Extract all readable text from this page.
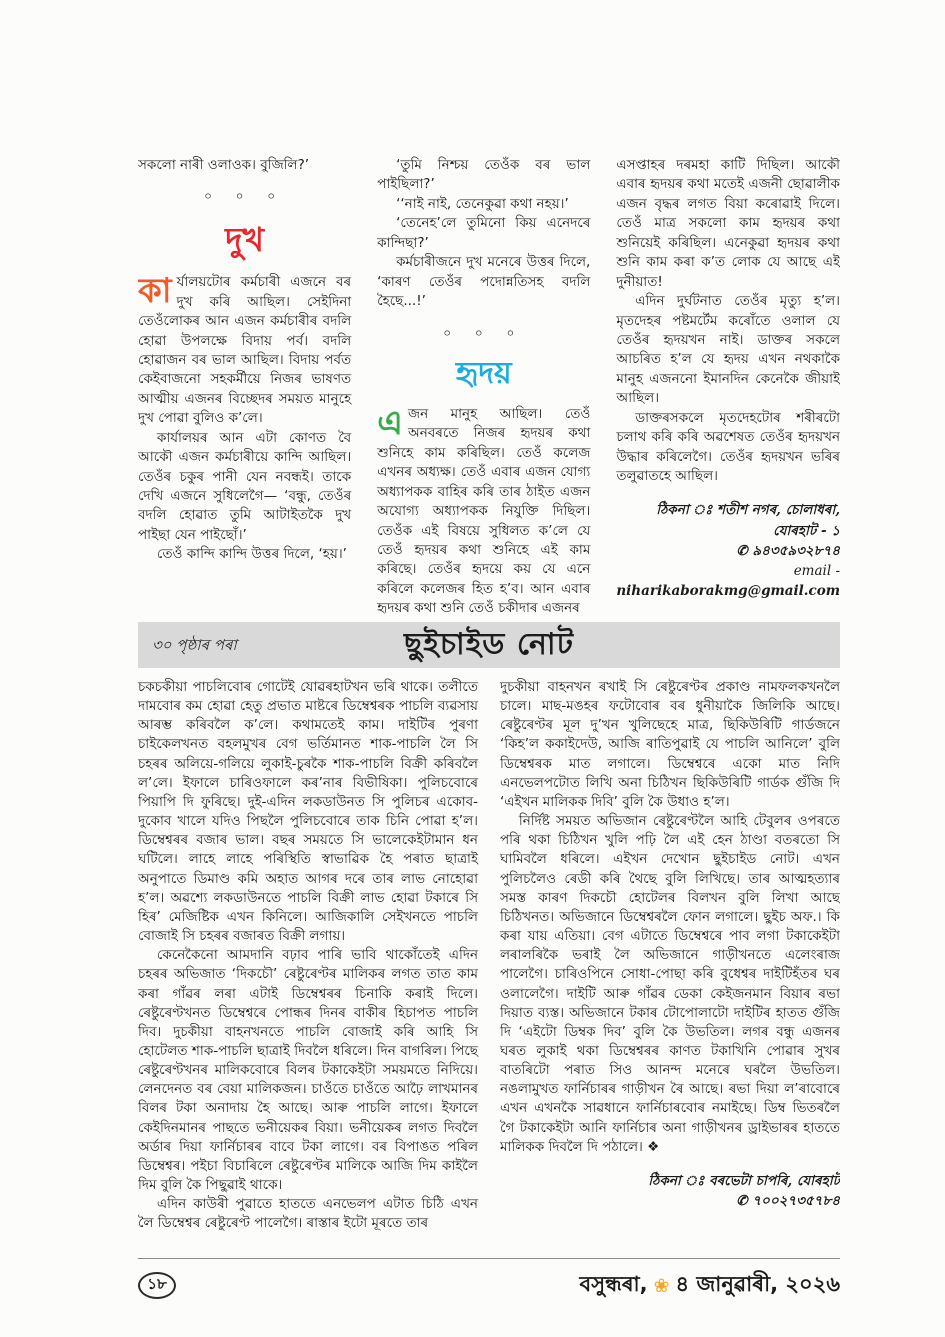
সকলো নাৰী ওলাওক। বুজিলি?’

০ ০ ০
দুখ

কাৰ্যালয়টোৰ কৰ্মচাৰী এজনে বৰ দুখ কৰি আছিল। সেইদিনা তেওঁলোকৰ আন এজন কৰ্মচাৰীৰ বদলি হোৱা উপলক্ষে বিদায় পৰ্ব। বদলি হোৱাজন বৰ ভাল আছিল। বিদায় পৰ্বত কেইবাজনো সহকৰ্মীয়ে নিজৰ ভাষণত আত্মীয় এজনৰ বিচ্ছেদৰ সময়ত মানুহে দুখ পোৱা বুলিও ক’লে।

কাৰ্যালয়ৰ আন এটা কোণত বৈ আকৌ এজন কৰ্মচাৰীয়ে কান্দি আছিল। তেওঁৰ চকুৰ পানী যেন নবন্ধই। তাকে দেখি এজনে সুধিলেগৈ— ‘বন্ধু, তেওঁৰ বদলি হোৱাত তুমি আটাইতকৈ দুখ পাইছা যেন পাইছোঁ।’

তেওঁ কান্দি কান্দি উত্তৰ দিলে, ‘হয়।’

‘তুমি নিশ্চয় তেওঁক বৰ ভাল পাইছিলা?’

‘‘নাই নাই, তেনেকুৱা কথা নহয়।’

‘তেনেহ’লে তুমিনো কিয় এনেদৰে কান্দিছা?’

কৰ্মচাৰীজনে দুখ মনেৰে উত্তৰ দিলে, ‘কাৰণ তেওঁৰ পদোন্নতিসহ বদলি হৈছে...!’

০ ০ ০
হৃদয়

এজন মানুহ আছিল। তেওঁ অনবৰতে নিজৰ হৃদয়ৰ কথা শুনিহে কাম কৰিছিল। তেওঁ কলেজ এখনৰ অধ্যক্ষ। তেওঁ এবাৰ এজন যোগ্য অধ্যাপকক বাহিৰ কৰি তাৰ ঠাইত এজন অযোগ্য অধ্যাপকক নিযুক্তি দিছিল। তেওঁক এই বিষয়ে সুধিলত ক’লে যে তেওঁ হৃদয়ৰ কথা শুনিহে এই কাম কৰিছে। তেওঁৰ হৃদয়ে কয় যে এনে কৰিলে কলেজৰ হিত হ’ব। আন এবাৰ হৃদয়ৰ কথা শুনি তেওঁ চকীদাৰ এজনৰ

এসপ্তাহৰ দৰমহা কাটি দিছিল। আকৌ এবাৰ হৃদয়ৰ কথা মতেই এজনী ছোৱালীক এজন বৃদ্ধৰ লগত বিয়া কৰোৱাই দিলে। তেওঁ মাত্ৰ সকলো কাম হৃদয়ৰ কথা শুনিয়েই কৰিছিল। এনেকুৱা হৃদয়ৰ কথা শুনি কাম কৰা ক’ত লোক যে আছে এই দুনীয়াত!

এদিন দুৰ্ঘটনাত তেওঁৰ মৃত্যু হ’ল। মৃতদেহৰ পষ্টমৰ্টেম কৰোঁতে ওলাল যে তেওঁৰ হৃদয়খন নাই। ডাক্তৰ সকলে আচৰিত হ’ল যে হৃদয় এখন নথকাকৈ মানুহ এজননো ইমানদিন কেনেকৈ জীয়াই আছিল।

ডাক্তৰসকলে মৃতদেহটোৰ শৰীৰটো চলাথ কৰি কৰি অৱশেষত তেওঁৰ হৃদয়খন উদ্ধাৰ কৰিলেগৈ। তেওঁৰ হৃদয়খন ভৰিৰ তলুৱাতহে আছিল।

ঠিকনা ঃ শতীশ নগৰ, চোলাধৰা, যোৰহাট - ১
✆ ৯৪৩৫৯৩২৮৭৪
email -
niharikaborakmg@gmail.com
৩০ পৃষ্ঠাৰ পৰা	ছুইচাইড নোট

চকচকীয়া পাচলিবোৰ গোটেই যোৱৰহাটখন ভৰি থাকে। তলীতে দামবোৰ কম হোৱা হেতু প্ৰভাত মাষ্টৰে ডিম্বেশ্বৰক পাচলি ব্যৱসায় আৰম্ভ কৰিবলৈ ক’লে। কথামতেই কাম। দাইটিৰ পুৰণা চাইকেলখনত বহলমুখৰ বেগ ভৰ্তিমানত শাক-পাচলি লৈ সি চহৰৰ অলিয়ে-গলিয়ে লুকাই-চুৰকৈ শাক-পাচলি বিক্ৰী কৰিবলৈ ল’লে। ইফালে চাৰিওফালে কৰ’নাৰ বিভীষিকা। পুলিচবোৰে পিয়াপি দি ফুৰিছে। দুই-এদিন লকডাউনত সি পুলিচৰ একোব-দুকোব খালে যদিও পিছলৈ পুলিচবোৰে তাক চিনি পোৱা হ’ল। ডিম্বেশ্বৰৰ বজাৰ ভাল। বছৰ সময়তে সি ভালেকেইটামান ধন ঘটিলে। লাহে লাহে পৰিস্থিতি স্বাভাৱিক হৈ পৰাত ছাত্ৰাই অনুপাতে ডিমাণ্ড কমি অহাত আগৰ দৰে তাৰ লাভ নোহোৱা হ’ল। অৱশ্যে লকডাউনতে পাচলি বিক্ৰী লাভ হোৱা টকাৰে সি হিৰ’ মেজিষ্টিক এখন কিনিলে। আজিকালি সেইখনতে পাচলি বোজাই সি চহৰৰ বজাৰত বিক্ৰী লগায়।

কেনেকৈনো আমদানি বঢ়াব পাৰি ভাবি থাকোঁতেই এদিন চহৰৰ অভিজাত ‘দিকচৌ’ ৰেষ্টুৰেণ্টৰ মালিকৰ লগত তাত কাম কৰা গাঁৱৰ লৰা এটাই ডিম্বেশ্বৰৰ চিনাকি কৰাই দিলে। ৰেষ্টুৰেণ্টখনত ডিম্বেশ্বৰে পোন্ধৰ দিনৰ বাকীৰ হিচাপত পাচলি দিব। দুচকীয়া বাহনখনতে পাচলি বোজাই কৰি আহি সি হোটেলত শাক-পাচলি ছাত্ৰাই দিবলৈ ধৰিলে। দিন বাগৰিল। পিছে ৰেষ্টুৰেণ্টখনৰ মালিকবোৰে বিলৰ টকাকেইটা সময়মতে নিদিয়ে। লেনদেনত বৰ বেয়া মালিকজন। চাওঁতে চাওঁতে আঢ়ৈ লাখমানৰ বিলৰ টকা অনাদায় হৈ আছে। আৰু পাচলি লাগে। ইফালে কেইদিনমানৰ পাছতে ভনীয়েকৰ বিয়া। ভনীয়েকৰ লগত দিবলৈ অৰ্ডাৰ দিয়া ফাৰ্নিচাৰৰ বাবে টকা লাগে। বৰ বিপাঙত পৰিল ডিম্বেশ্বৰ। পইচা বিচাৰিলে ৰেষ্টুৰেণ্টৰ মালিকে আজি দিম কাইলৈ দিম বুলি কৈ পিছুৱাই থাকে।

এদিন কাউৰী পুৱাতে হাততে এনভেলপ এটাত চিঠি এখন লৈ ডিম্বেশ্বৰ ৰেষ্টুৰেণ্ট পালেগৈ। ৰাস্তাৰ ইটো মূৰতে তাৰ

দুচকীয়া বাহনখন ৰখাই সি ৰেষ্টুৰেণ্টৰ প্ৰকাণ্ড নামফলকখনলৈ চালে। মাছ-মঙহৰ ফটোবোৰ বৰ ধুনীয়াকৈ জিলিকি আছে। ৰেষ্টুৰেণ্টৰ মূল দু’খন খুলিছেহে মাত্ৰ, ছিকিউৰিটি গাৰ্ডজনে ‘কিহ’ল ককাইদেউ, আজি ৰাতিপুৱাই যে পাচলি আনিলে’ বুলি ডিম্বেশ্বৰক মাত লগালে। ডিম্বেশ্বৰে একো মাত নিদি এনভেলপটোত লিখি অনা চিঠিখন ছিকিউৰিটি গাৰ্ডক গুঁজি দি ‘এইখন মালিকক দিবি’ বুলি কৈ উধাও হ’ল।

নিৰ্দিষ্ট সময়ত অভিজান ৰেষ্টুৰেণ্টলৈ আহি টেবুলৰ ওপৰতে পৰি থকা চিঠিখন খুলি পঢ়ি লৈ এই হেন ঠাণ্ডা বতৰতো সি ঘামিবলৈ ধৰিলে। এইখন দেখোন ছুইচাইড নোট। এখন পুলিচলৈও ৰেডী কৰি থৈছে বুলি লিখিছে। তাৰ আত্মহত্যাৰ সমস্ত কাৰণ দিকচৌ হোটেলৰ বিলখন বুলি লিখা আছে চিঠিখনত। অভিজানে ডিম্বেশ্বৰলৈ ফোন লগালে। ছুইচ অফ.। কি কৰা যায় এতিয়া। বেগ এটাতে ডিম্বেশ্বৰে পাব লগা টকাকেইটা লৰালৰিকৈ ভৰাই লৈ অভিজানে গাড়ীখনতে এলেংৰাজ পালেগৈ। চাৰিওপিনে সোধা-পোছা কৰি বুধেশ্বৰ দাইটিহঁতৰ ঘৰ ওলালেগৈ। দাইটি আৰু গাঁৱৰ ডেকা কেইজনমান বিয়াৰ ৰভা দিয়াত ব্যস্ত। অভিজানে টকাৰ টোপোলাটো দাইটিৰ হাতত গুঁজি দি ‘এইটো ডিম্বক দিব’ বুলি কৈ উভতিল। লগৰ বন্ধু এজনৰ ঘৰত লুকাই থকা ডিম্বেশ্বৰৰ কাণত টকাখিনি পোৱাৰ সুখৰ বাতৰিটো পৰাত সিও আনন্দ মনেৰে ঘৰলৈ উভতিল। নঙলামুখত ফাৰ্নিচাৰৰ গাড়ীখন ৰৈ আছে। ৰভা দিয়া ল’ৰাবোৰে এখন এখনকৈ সাৱধানে ফাৰ্নিচাৰবোৰ নমাইছে। ডিম্ব ভিতৰলৈ গৈ টকাকেইটা আনি ফাৰ্নিচাৰ অনা গাড়ীখনৰ ড্ৰাইভাৰৰ হাততে মালিকক দিবলৈ দি পঠালে। ❖

ঠিকনা ঃ বৰভেটা চাপৰি, যোৰহাট
✆ ৭০০২৭৩৫৭৮৪
১৮	বসুন্ধৰা, ❀ ৪ জানুৱাৰী, ২০২৬
